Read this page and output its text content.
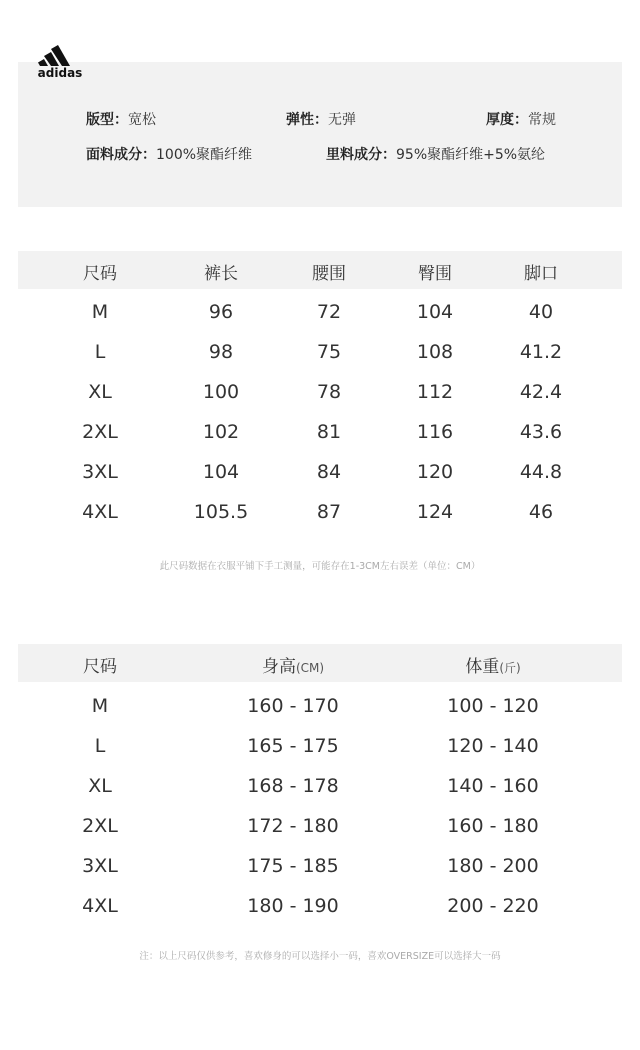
adidas
版型：宽松	弹性：无弹	厚度：常规
面料成分：100%聚酯纤维	里料成分：95%聚酯纤维+5%氨纶
尺码	裤长	腰围	臀围	脚口
M	96	72	104	40
L	98	75	108	41.2
XL	100	78	112	42.4
2XL	102	81	116	43.6
3XL	104	84	120	44.8
4XL	105.5	87	124	46
此尺码数据在衣服平铺下手工测量，可能存在1-3CM左右误差（单位：CM）
尺码	身高(CM)	体重(斤)
M	160 - 170	100 - 120
L	165 - 175	120 - 140
XL	168 - 178	140 - 160
2XL	172 - 180	160 - 180
3XL	175 - 185	180 - 200
4XL	180 - 190	200 - 220
注：以上尺码仅供参考，喜欢修身的可以选择小一码，喜欢OVERSIZE可以选择大一码
